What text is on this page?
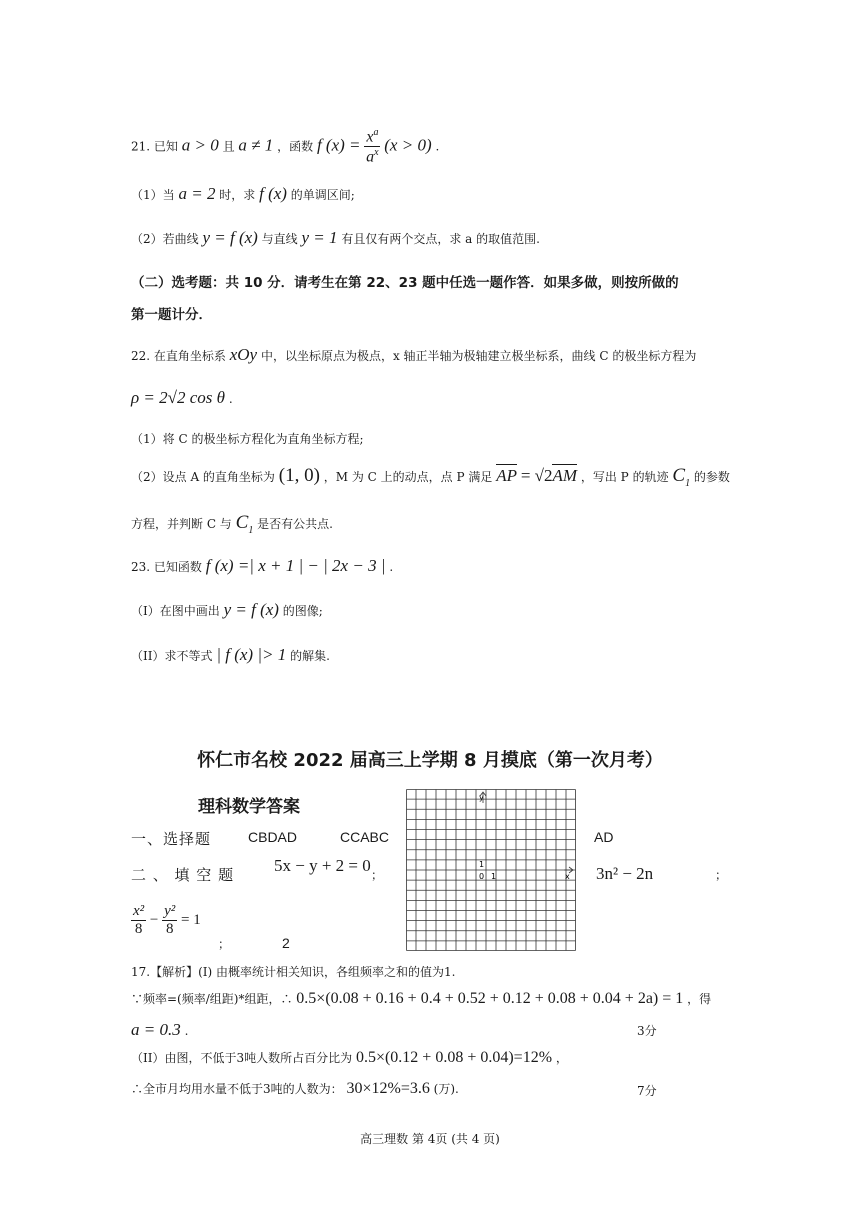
21. 已知 a > 0 且 a ≠ 1 ，函数 f $(x) = \frac{x^a}{a^x} (x > 0)$ .
（1）当 a = 2 时，求 f (x) 的单调区间;
（2）若曲线 y = f (x) 与直线 y = 1 有且仅有两个交点，求 a 的取值范围.
（二）选考题：共 10 分．请考生在第 22、23 题中任选一题作答．如果多做，则按所做的
第一题计分．
22. 在直角坐标系 xOy 中，以坐标原点为极点，x 轴正半轴为极轴建立极坐标系，曲线 C 的极坐标方程为
ρ = 2√2 cos θ .
（1）将 C 的极坐标方程化为直角坐标方程;
（2）设点 A 的直角坐标为 (1, 0) ，M 为 C 上的动点，点 P 满足 AP = √2AM ，写出 P 的轨迹 $C_1$ 的参数
方程，并判断 C 与 $C_1$ 是否有公共点.
23. 已知函数 f (x) =| x + 1 | − | 2x − 3 | .
（I）在图中画出 y = f (x) 的图像;
（II）求不等式 | f (x) |> 1 的解集.
怀仁市名校 2022 届高三上学期 8 月摸底（第一次月考）
理科数学答案	y
x
0 1
1
一、选择题	CBDAD	CCABC	AD
二 、 填 空 题 5x − y + 2 = 0 ；	3n² − 2n	；
$\frac{\text{x²}}{8} - \frac{\text{y²}}{8} = 1$
；	2
17.【解析】(I) 由概率统计相关知识，各组频率之和的值为1.
∵频率=(频率/组距)*组距，∴ 0.5×(0.08 + 0.16 + 0.4 + 0.52 + 0.12 + 0.08 + 0.04 + 2a) = 1 ，得
a = 0.3 .	3分
（II）由图，不低于3吨人数所占百分比为 0.5×(0.12 + 0.08 + 0.04)=12% ，
∴全市月均用水量不低于3吨的人数为： 30×12%=3.6 (万).	7分
高三理数 第 4页 (共 4 页)
